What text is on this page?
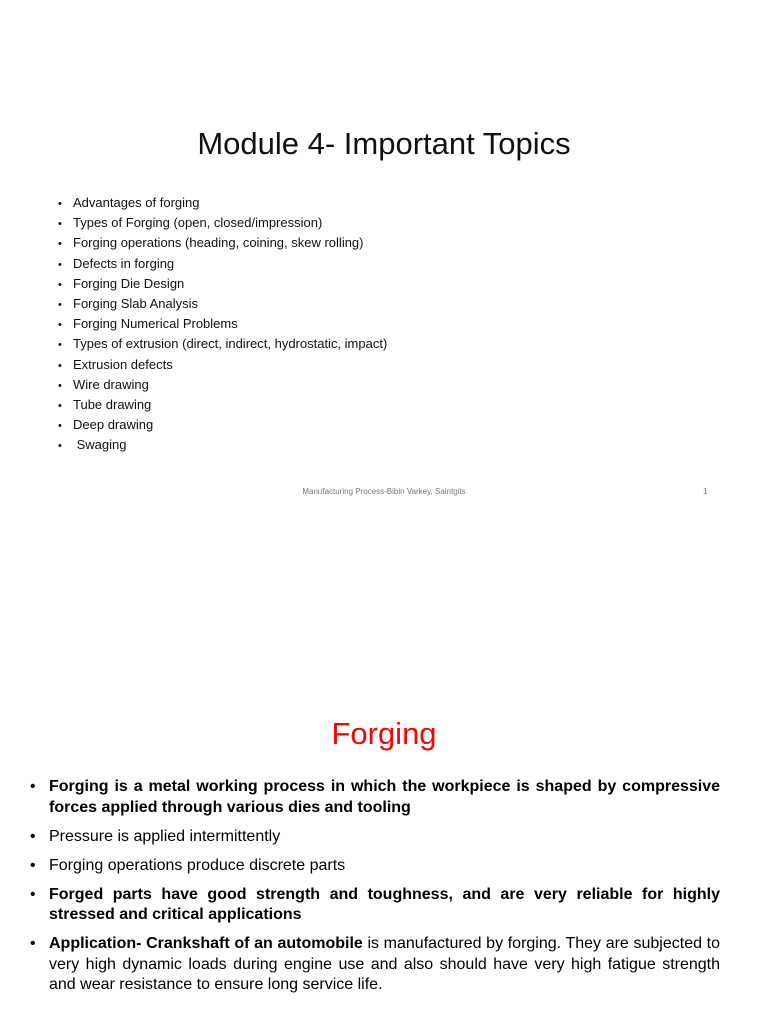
Module 4- Important Topics
• Advantages of forging
• Types of Forging (open, closed/impression)
• Forging operations (heading, coining, skew rolling)
• Defects in forging
• Forging Die Design
• Forging Slab Analysis
• Forging Numerical Problems
• Types of extrusion (direct, indirect, hydrostatic, impact)
• Extrusion defects
• Wire drawing
• Tube drawing
• Deep drawing
• Swaging
Manufacturing Process-Bibin Varkey, Saintgits	1
Forging
• Forging is a metal working process in which the workpiece is shaped by compressive forces applied through various dies and tooling
• Pressure is applied intermittently
• Forging operations produce discrete parts
• Forged parts have good strength and toughness, and are very reliable for highly stressed and critical applications
• Application- Crankshaft of an automobile is manufactured by forging. They are subjected to very high dynamic loads during engine use and also should have very high fatigue strength and wear resistance to ensure long service life.
